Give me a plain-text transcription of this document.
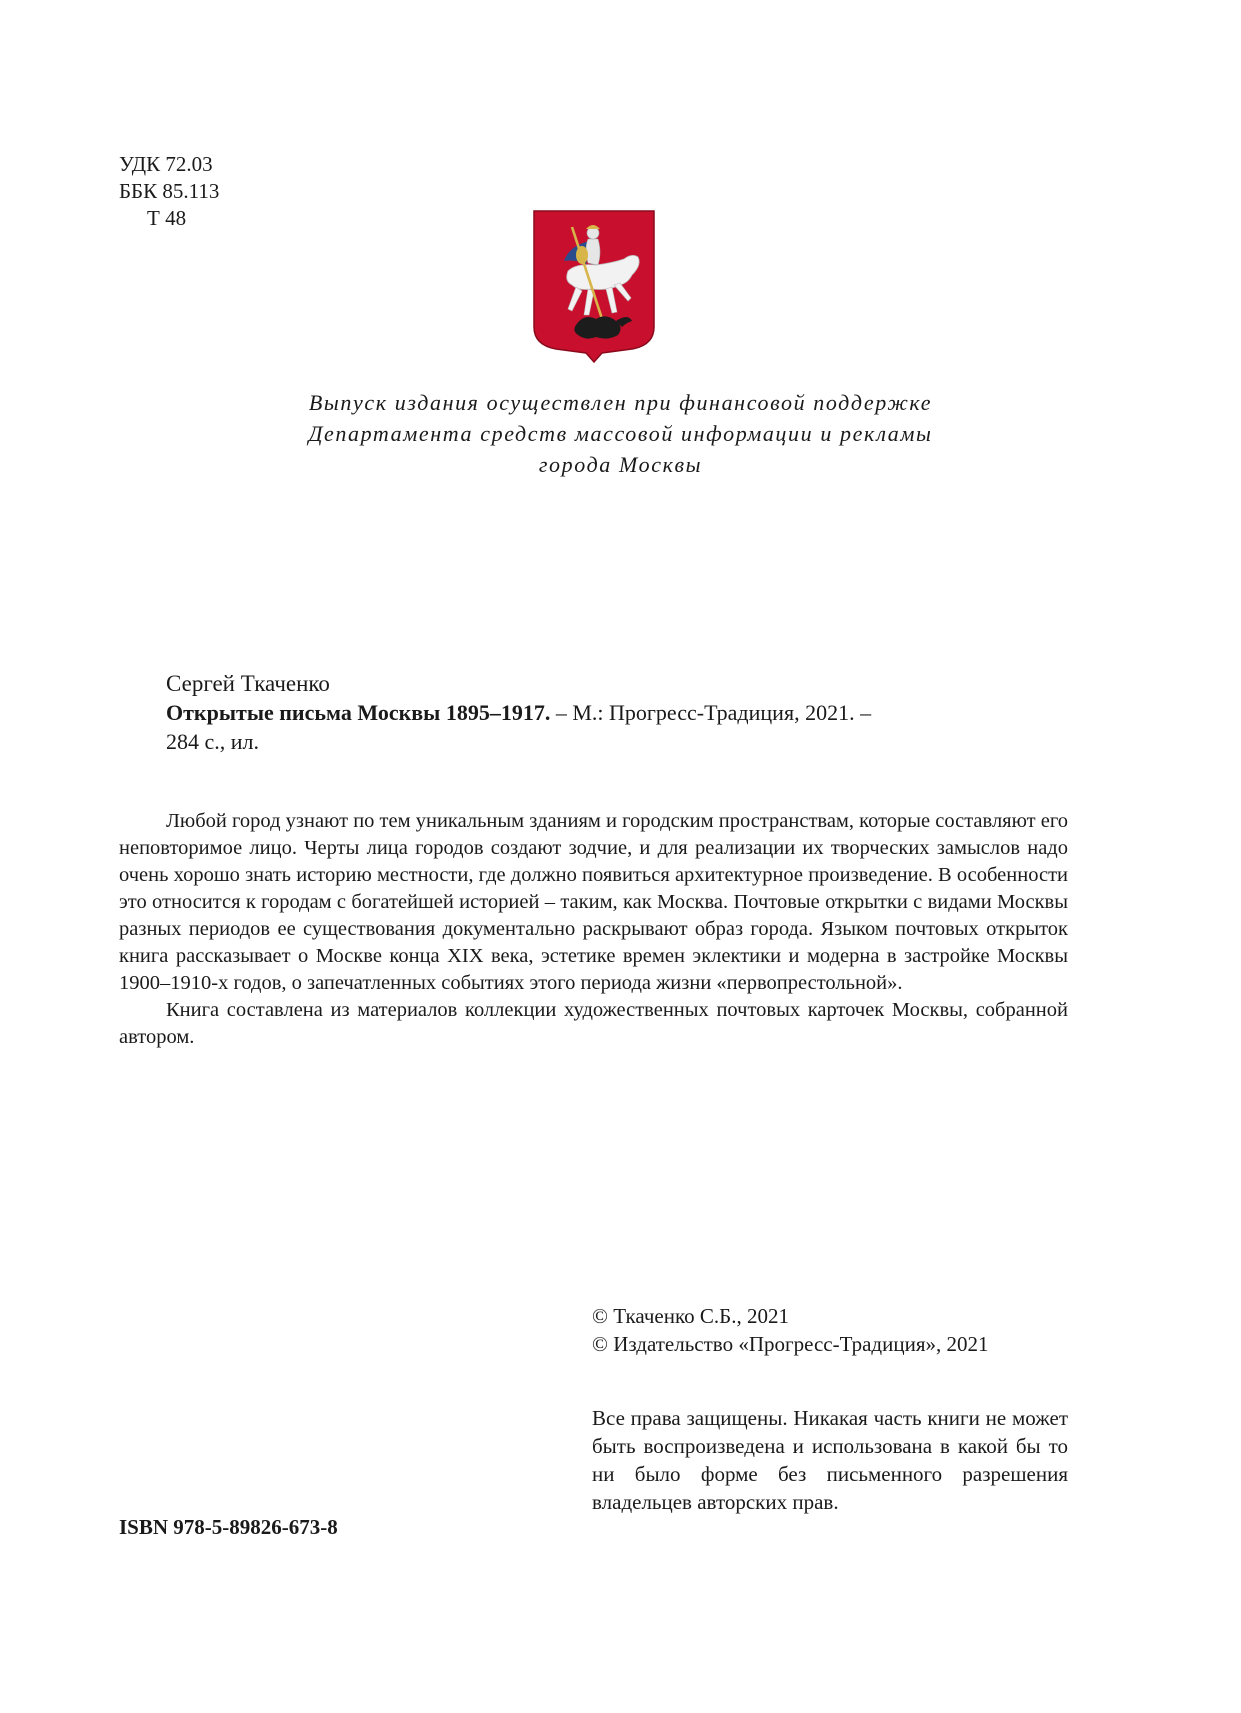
УДК 72.03
ББК 85.113
Т 48
Выпуск издания осуществлен при финансовой поддержке
Департамента средств массовой информации и рекламы
города Москвы
Сергей Ткаченко
Открытые письма Москвы 1895–1917. – М.: Прогресс-Традиция, 2021. –
284 с., ил.

Любой город узнают по тем уникальным зданиям и городским пространствам, которые составляют его неповторимое лицо. Черты лица городов создают зодчие, и для реализации их творческих замыслов надо очень хорошо знать историю местности, где должно появиться архитектурное произведение. В особенности это относится к городам с богатейшей историей – таким, как Москва. Почтовые открытки с видами Москвы разных периодов ее существования документально раскрывают образ города. Языком почтовых открыток книга рассказывает о Москве конца XIX века, эстетике времен эклектики и модерна в застройке Москвы 1900–1910-х годов, о запечатленных событиях этого периода жизни «первопрестольной».

Книга составлена из материалов коллекции художественных почтовых карточек Москвы, собранной автором.

© Ткаченко С.Б., 2021
© Издательство «Прогресс-Традиция», 2021
Все права защищены. Никакая часть книги не может быть воспроизведена и использована в какой бы то ни было форме без письменного разрешения владельцев авторских прав.
ISBN 978-5-89826-673-8
